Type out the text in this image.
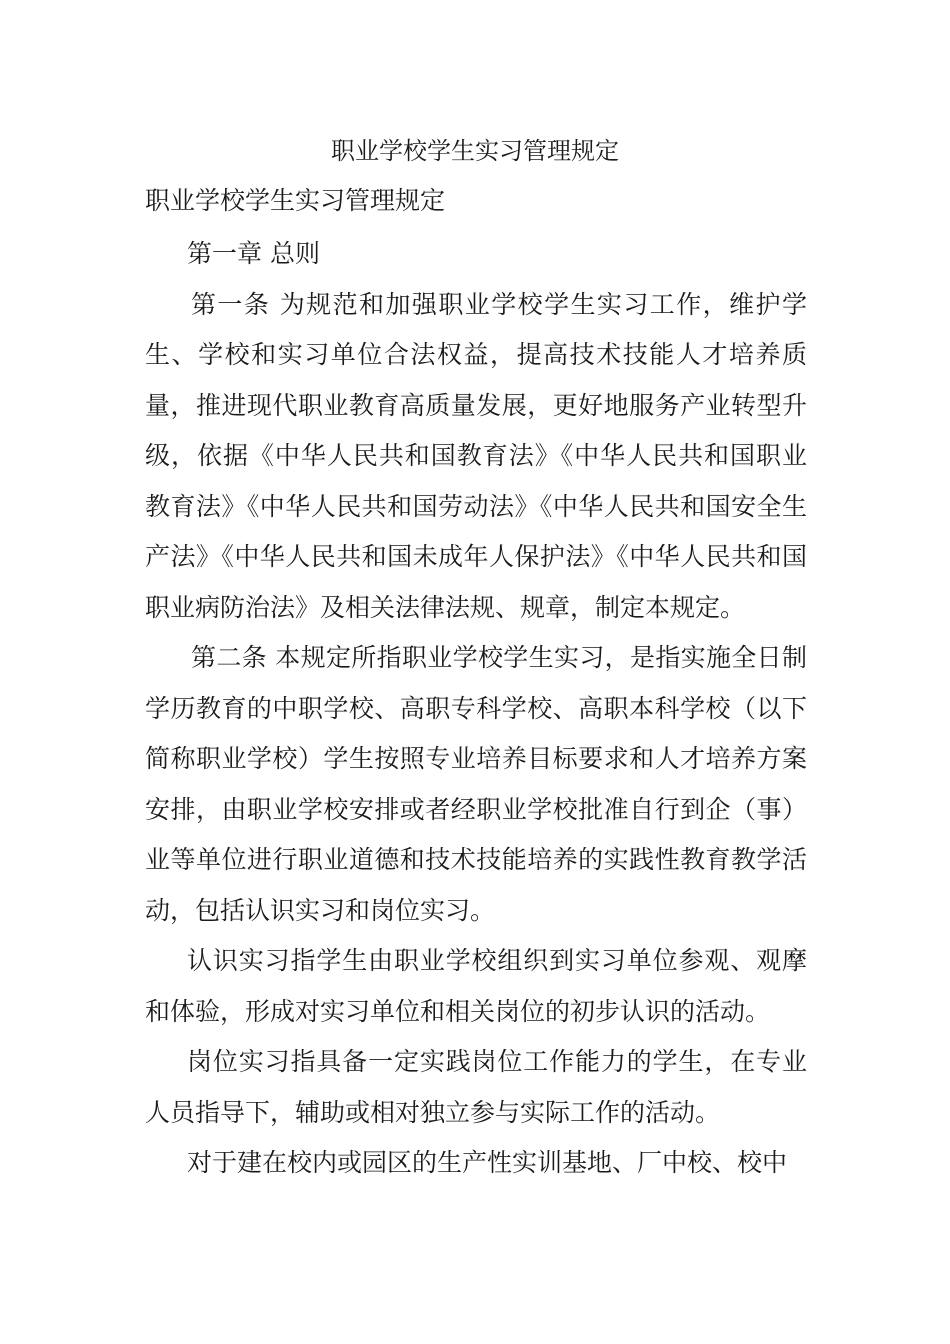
职业学校学生实习管理规定
职业学校学生实习管理规定

第一章 总则

第一条 为规范和加强职业学校学生实习工作，维护学生、学校和实习单位合法权益，提高技术技能人才培养质量，推进现代职业教育高质量发展，更好地服务产业转型升级，依据《中华人民共和国教育法》《中华人民共和国职业教育法》《中华人民共和国劳动法》《中华人民共和国安全生产法》《中华人民共和国未成年人保护法》《中华人民共和国职业病防治法》及相关法律法规、规章，制定本规定。

第二条 本规定所指职业学校学生实习，是指实施全日制学历教育的中职学校、高职专科学校、高职本科学校（以下简称职业学校）学生按照专业培养目标要求和人才培养方案安排，由职业学校安排或者经职业学校批准自行到企（事）业等单位进行职业道德和技术技能培养的实践性教育教学活动，包括认识实习和岗位实习。

认识实习指学生由职业学校组织到实习单位参观、观摩和体验，形成对实习单位和相关岗位的初步认识的活动。

岗位实习指具备一定实践岗位工作能力的学生，在专业人员指导下，辅助或相对独立参与实际工作的活动。

对于建在校内或园区的生产性实训基地、厂中校、校中
